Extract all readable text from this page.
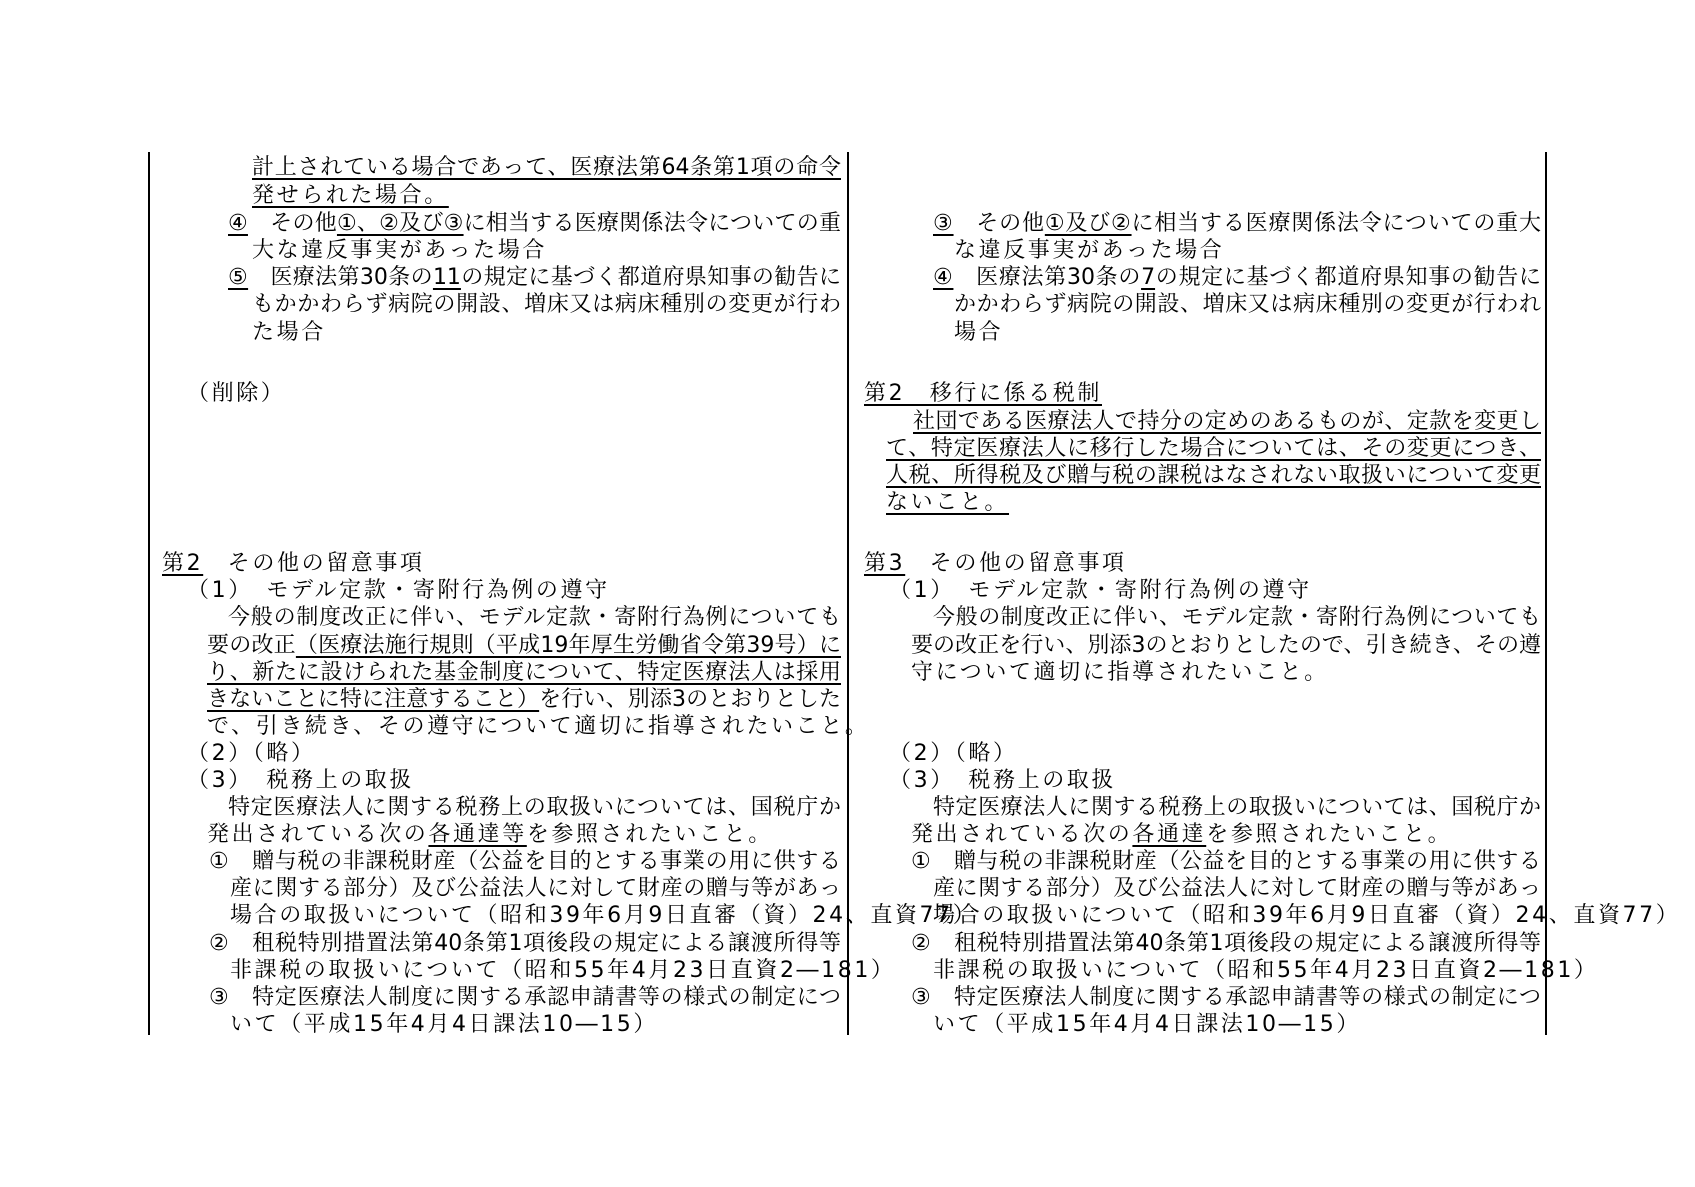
計上されている場合であって、医療法第64条第1項の命令
発せられた場合。
④　その他①、②及び③に相当する医療関係法令についての重
大な違反事実があった場合
⑤　医療法第30条の11の規定に基づく都道府県知事の勧告に
もかかわらず病院の開設、増床又は病床種別の変更が行わ
た場合
（削除）
第2　その他の留意事項
（1）　モデル定款・寄附行為例の遵守
今般の制度改正に伴い、モデル定款・寄附行為例についても
要の改正（医療法施行規則（平成19年厚生労働省令第39号）に
り、新たに設けられた基金制度について、特定医療法人は採用
きないことに特に注意すること）を行い、別添3のとおりとした
で、引き続き、その遵守について適切に指導されたいこと。
（2）（略）
（3）　税務上の取扱
特定医療法人に関する税務上の取扱いについては、国税庁か
発出されている次の各通達等を参照されたいこと。
①　贈与税の非課税財産（公益を目的とする事業の用に供する
産に関する部分）及び公益法人に対して財産の贈与等があっ
場合の取扱いについて（昭和39年6月9日直審（資）24、直資77）
②　租税特別措置法第40条第1項後段の規定による譲渡所得等
非課税の取扱いについて（昭和55年4月23日直資2―181）
③　特定医療法人制度に関する承認申請書等の様式の制定につ
いて（平成15年4月4日課法10―15）
③　その他①及び②に相当する医療関係法令についての重大
な違反事実があった場合
④　医療法第30条の7の規定に基づく都道府県知事の勧告に
かかわらず病院の開設、増床又は病床種別の変更が行われ
場合
第2　移行に係る税制
社団である医療法人で持分の定めのあるものが、定款を変更し
て、特定医療法人に移行した場合については、その変更につき、
人税、所得税及び贈与税の課税はなされない取扱いについて変更
ないこと。
第3　その他の留意事項
（1）　モデル定款・寄附行為例の遵守
今般の制度改正に伴い、モデル定款・寄附行為例についても
要の改正を行い、別添3のとおりとしたので、引き続き、その遵
守について適切に指導されたいこと。
（2）（略）
（3）　税務上の取扱
特定医療法人に関する税務上の取扱いについては、国税庁か
発出されている次の各通達を参照されたいこと。
①　贈与税の非課税財産（公益を目的とする事業の用に供する
産に関する部分）及び公益法人に対して財産の贈与等があっ
場合の取扱いについて（昭和39年6月9日直審（資）24、直資77）
②　租税特別措置法第40条第1項後段の規定による譲渡所得等
非課税の取扱いについて（昭和55年4月23日直資2―181）
③　特定医療法人制度に関する承認申請書等の様式の制定につ
いて（平成15年4月4日課法10―15）
